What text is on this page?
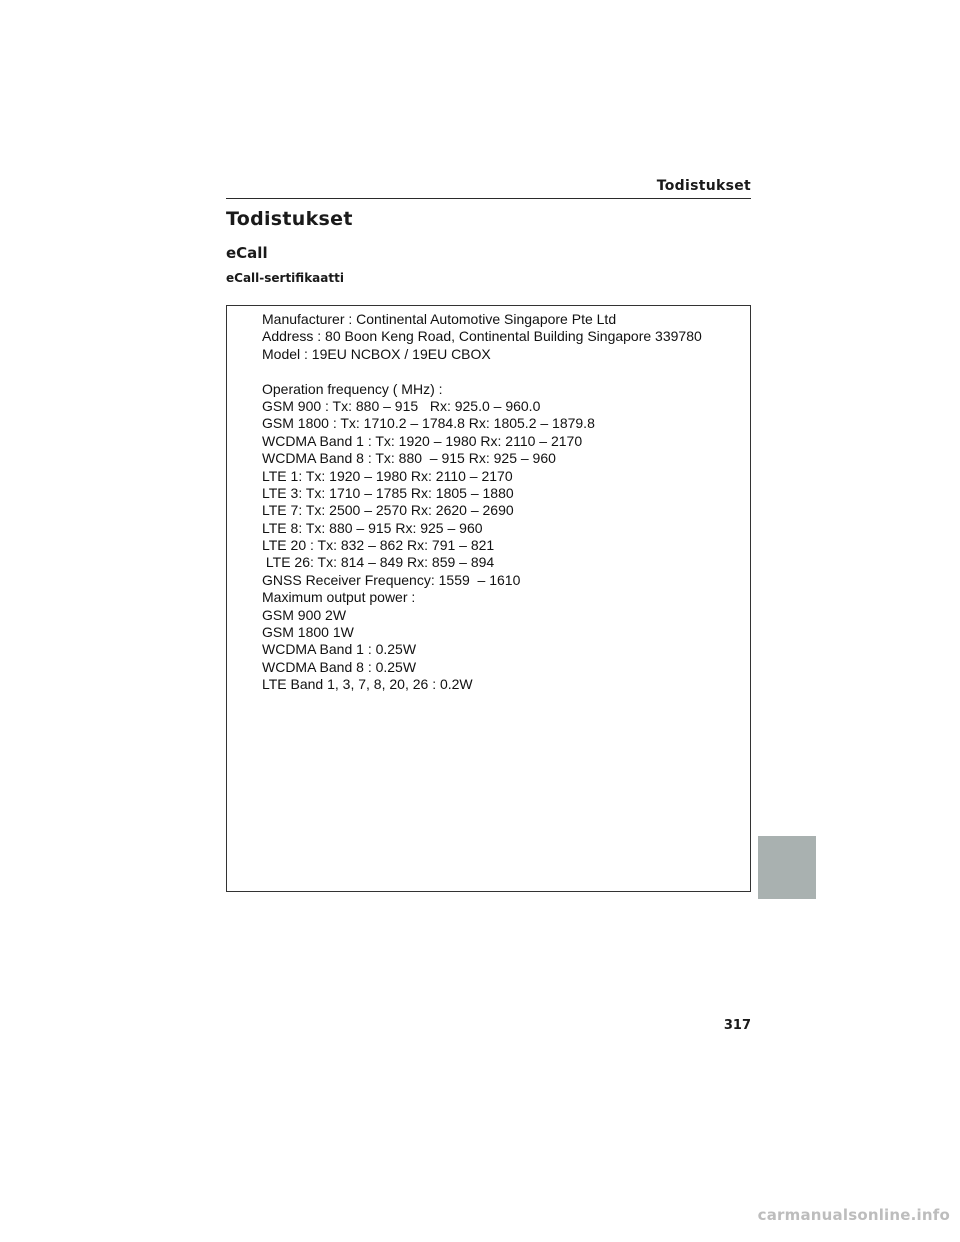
Todistukset
Todistukset
eCall
eCall-sertifikaatti
Manufacturer : Continental Automotive Singapore Pte Ltd
Address : 80 Boon Keng Road, Continental Building Singapore 339780
Model : 19EU NCBOX / 19EU CBOX
Operation frequency ( MHz) :
GSM 900 : Tx: 880 – 915   Rx: 925.0 – 960.0
GSM 1800 : Tx: 1710.2 – 1784.8 Rx: 1805.2 – 1879.8
WCDMA Band 1 : Tx: 1920 – 1980 Rx: 2110 – 2170
WCDMA Band 8 : Tx: 880  – 915 Rx: 925 – 960
LTE 1: Tx: 1920 – 1980 Rx: 2110 – 2170
LTE 3: Tx: 1710 – 1785 Rx: 1805 – 1880
LTE 7: Tx: 2500 – 2570 Rx: 2620 – 2690
LTE 8: Tx: 880 – 915 Rx: 925 – 960
LTE 20 : Tx: 832 – 862 Rx: 791 – 821
LTE 26: Tx: 814 – 849 Rx: 859 – 894
GNSS Receiver Frequency: 1559  – 1610
Maximum output power :
GSM 900 2W
GSM 1800 1W
WCDMA Band 1 : 0.25W
WCDMA Band 8 : 0.25W
LTE Band 1, 3, 7, 8, 20, 26 : 0.2W
317
carmanualsonline.info
